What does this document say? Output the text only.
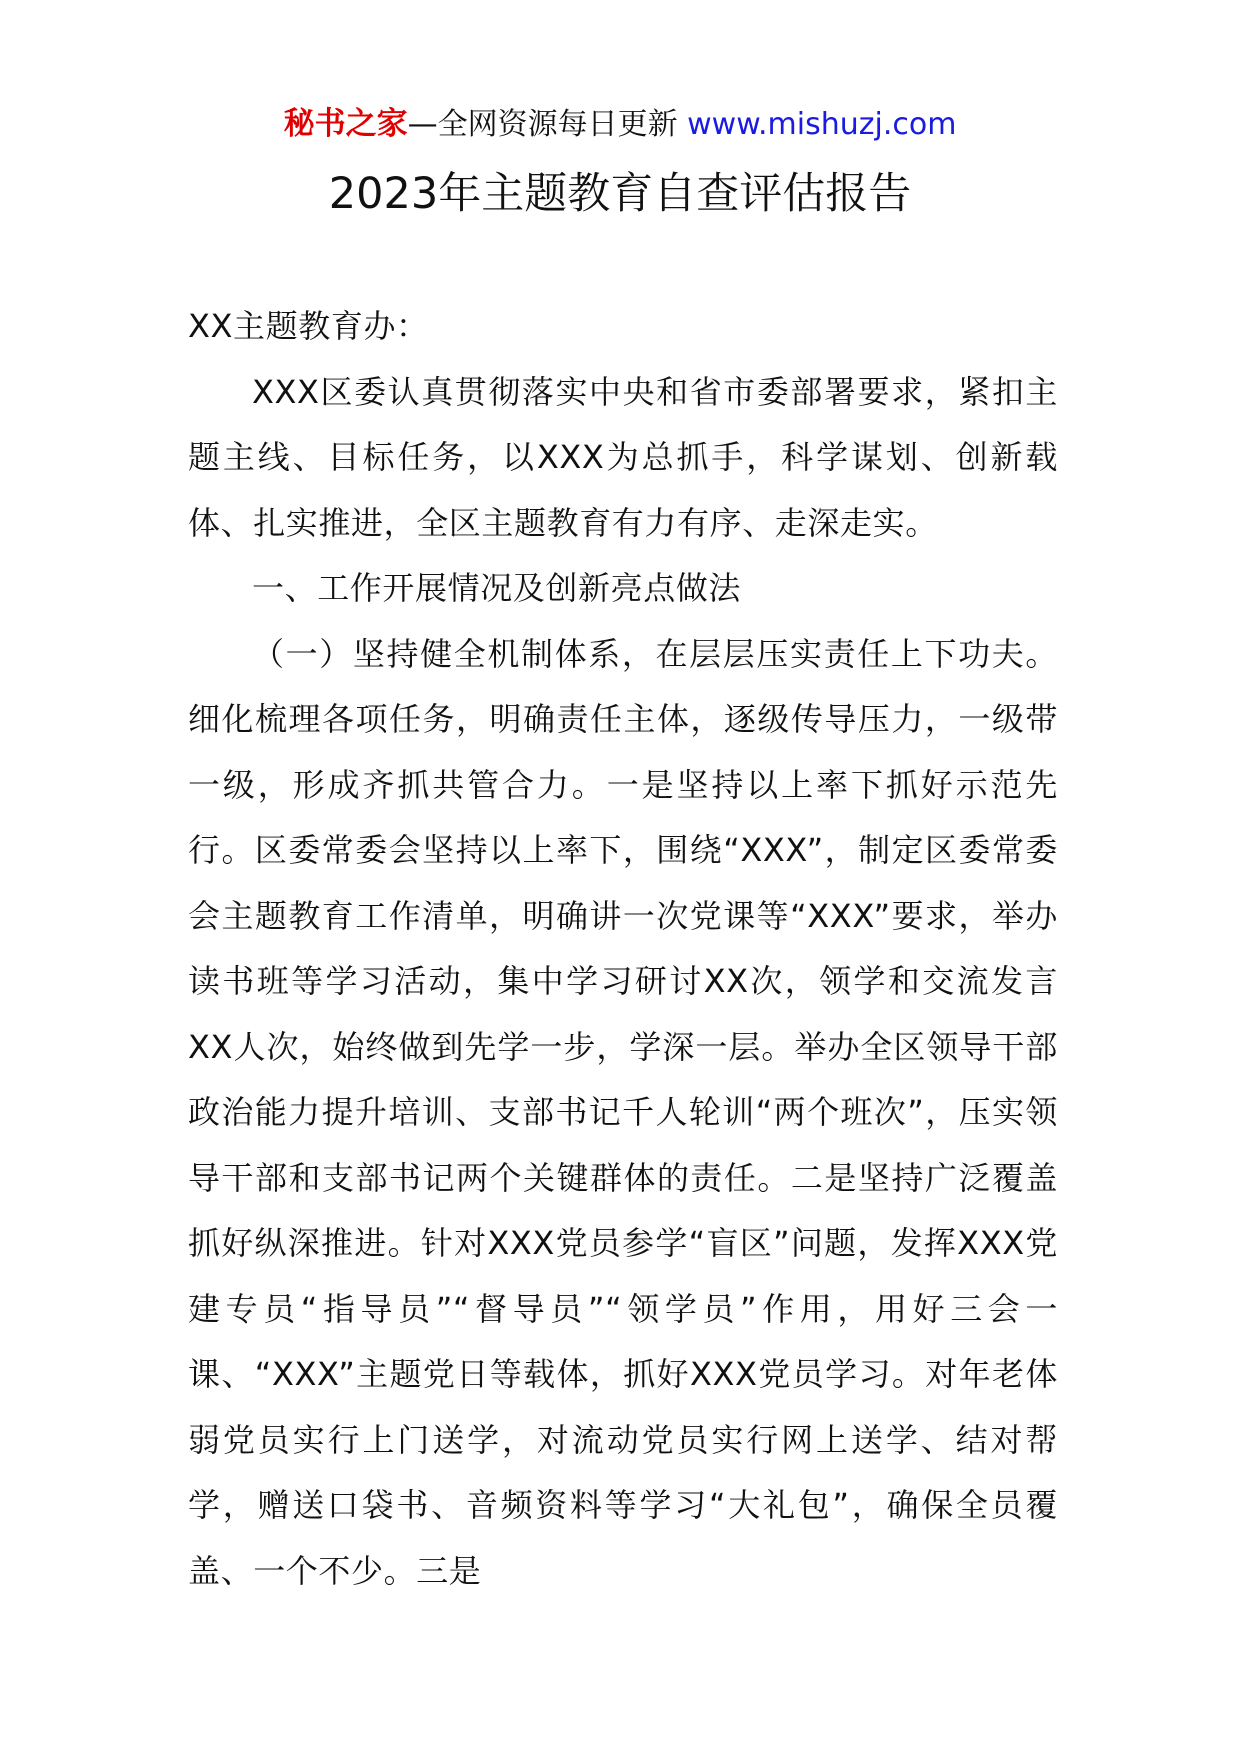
秘书之家—全网资源每日更新 www.mishuzj.com
2023年主题教育自查评估报告

XX主题教育办：

XXX区委认真贯彻落实中央和省市委部署要求，紧扣主题主线、目标任务，以XXX为总抓手，科学谋划、创新载体、扎实推进，全区主题教育有力有序、走深走实。

一、工作开展情况及创新亮点做法

（一）坚持健全机制体系，在层层压实责任上下功夫。细化梳理各项任务，明确责任主体，逐级传导压力，一级带一级，形成齐抓共管合力。一是坚持以上率下抓好示范先行。区委常委会坚持以上率下，围绕“XXX”，制定区委常委会主题教育工作清单，明确讲一次党课等“XXX”要求，举办读书班等学习活动，集中学习研讨XX次，领学和交流发言XX人次，始终做到先学一步，学深一层。举办全区领导干部政治能力提升培训、支部书记千人轮训“两个班次”，压实领导干部和支部书记两个关键群体的责任。二是坚持广泛覆盖抓好纵深推进。针对XXX党员参学“盲区”问题，发挥XXX党建专员“指导员”“督导员”“领学员”作用，用好三会一课、“XXX”主题党日等载体，抓好XXX党员学习。对年老体弱党员实行上门送学，对流动党员实行网上送学、结对帮学，赠送口袋书、音频资料等学习“大礼包”，确保全员覆盖、一个不少。三是
